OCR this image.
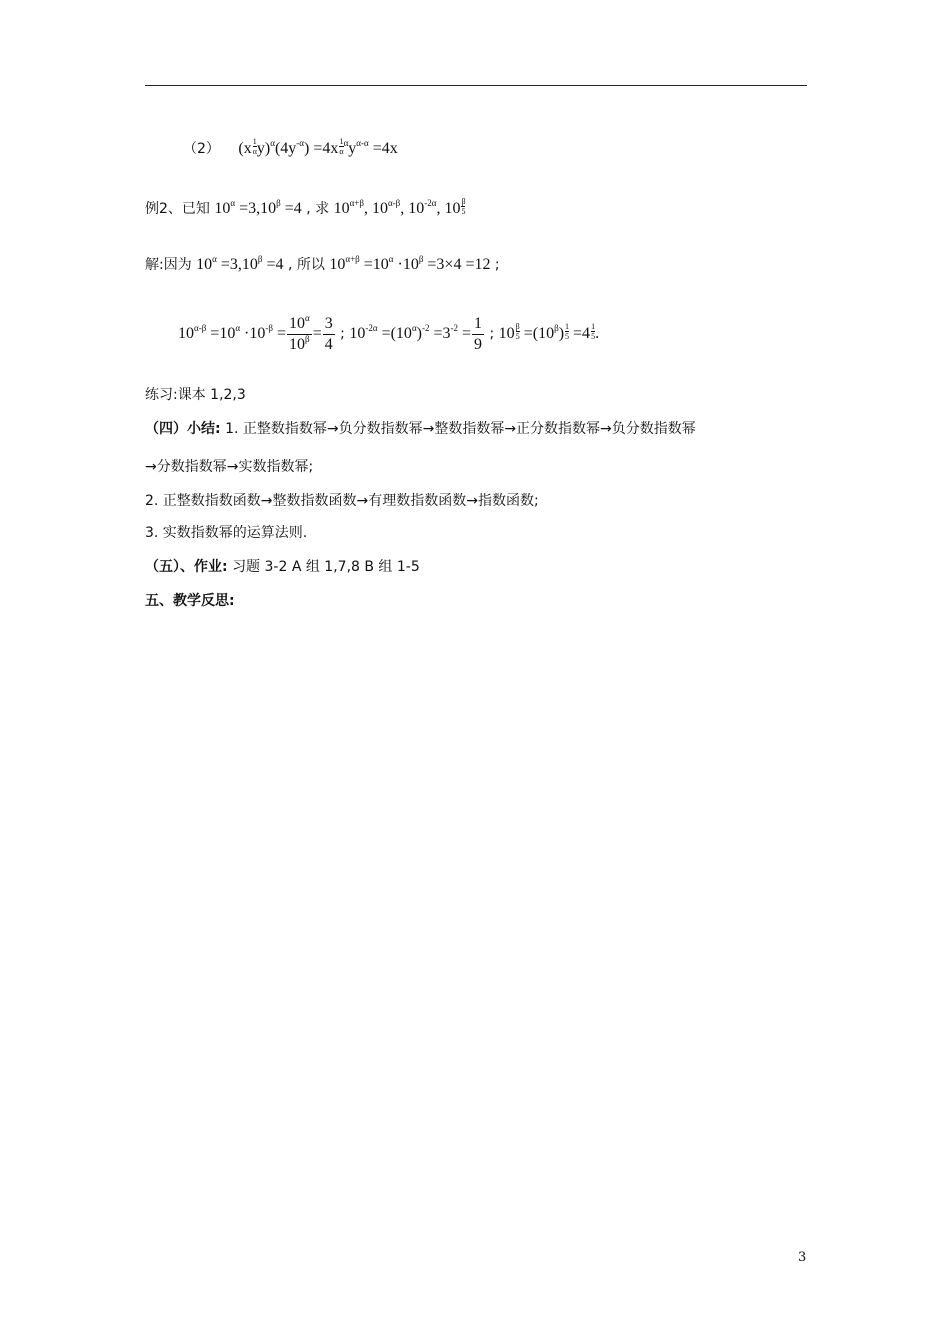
（2） $(x \frac{1}{\alpha} y)^\alpha(4y^{-\alpha}) =4x \frac{1}{\alpha} ^\alpha y^{\alpha-\alpha} =4x$
例2、已知 $10^\alpha =3,10^\beta =4$ , 求 $10^{\alpha+\beta}$, $10^{\alpha-\beta}$, $10^{-2\alpha}$, $10 \frac{\beta}{5}$
解:因为 $10^\alpha =3,10^\beta =4$ , 所以 $10^{\alpha+\beta} =10^\alpha \cdot 10^\beta =3\times 4 =12$ ;
$10^{\alpha-\beta} =10^\alpha \cdot 10^{-\beta} = \frac{10^\alpha}{10^\beta} = \frac{3}{4}$ ; $10^{-2\alpha} =(10^\alpha)^{-2} =3^{-2} = \frac{1}{9}$ ; $10 \frac{\beta}{5} =(10^\beta) \frac{1}{5} =4 \frac{1}{5}$ .
练习:课本 1,2,3
（四）小结: 1. 正整数指数幂→负分数指数幂→整数指数幂→正分数指数幂→负分数指数幂
→分数指数幂→实数指数幂;
2. 正整数指数函数→整数指数函数→有理数指数函数→指数函数;
3. 实数指数幂的运算法则.
（五）、作业: 习题 3-2 A 组 1,7,8 B 组 1-5
五、教学反思:
3
